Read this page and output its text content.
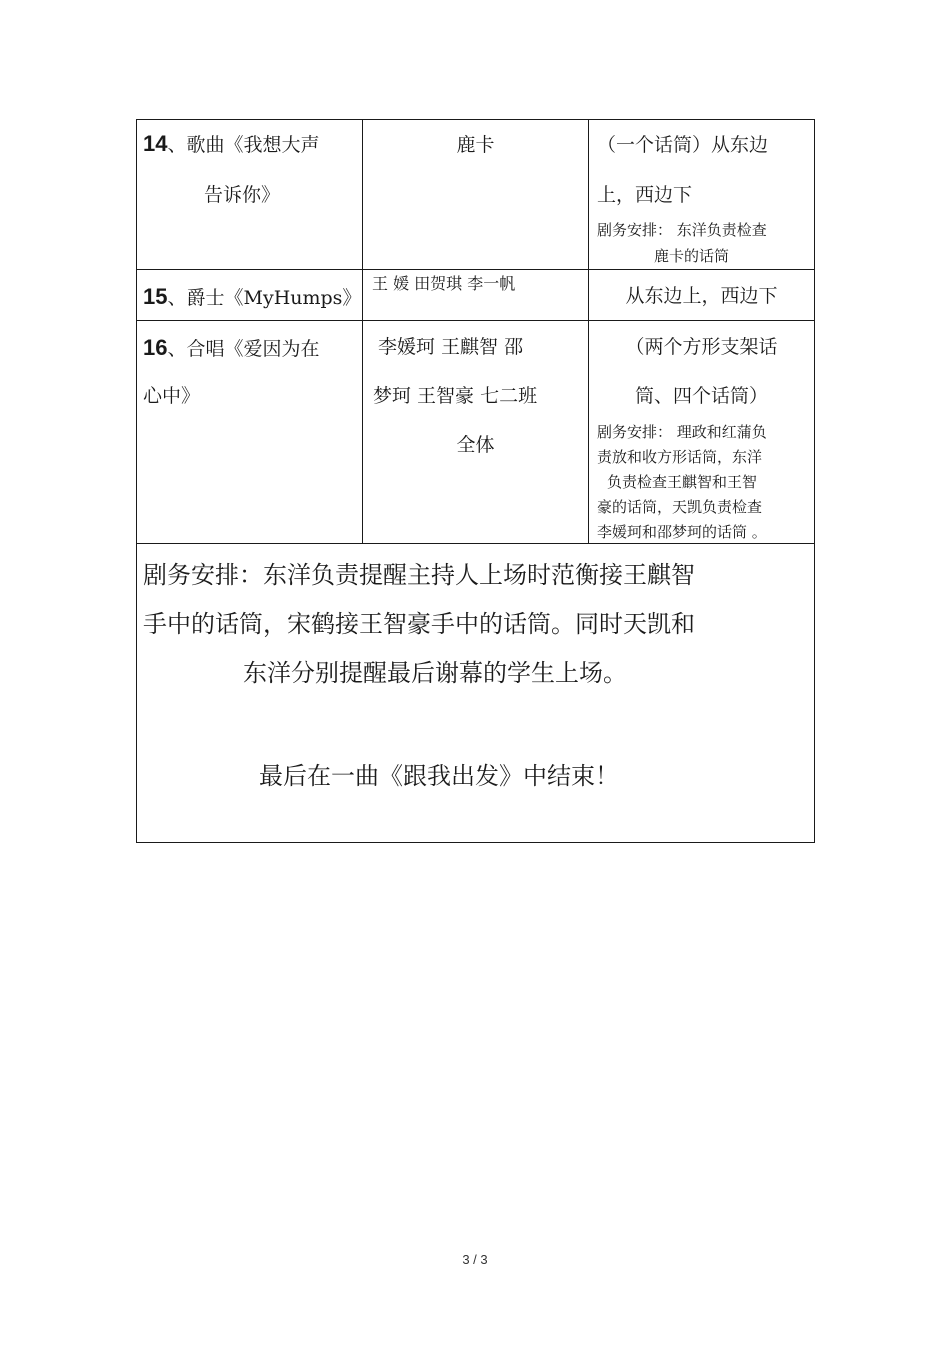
14、歌曲《我想大声
告诉你》
鹿卡	（一个话筒）从东边
上，西边下
剧务安排： 东洋负责检查
鹿卡的话筒
15、爵士《MyHumps》
王 媛 田贺琪 李一帆
从东边上，西边下
16、合唱《爱因为在
心中》
李媛珂 王麒智 邵
梦珂 王智豪 七二班
全体
（两个方形支架话
筒、四个话筒）
剧务安排： 理政和红蒲负
责放和收方形话筒，东洋
负责检查王麒智和王智
豪的话筒，天凯负责检查
李媛珂和邵梦珂的话筒 。
剧务安排：东洋负责提醒主持人上场时范衡接王麒智
手中的话筒，宋鹤接王智豪手中的话筒。同时天凯和
东洋分别提醒最后谢幕的学生上场。
最后在一曲《跟我出发》中结束！
3 / 3
